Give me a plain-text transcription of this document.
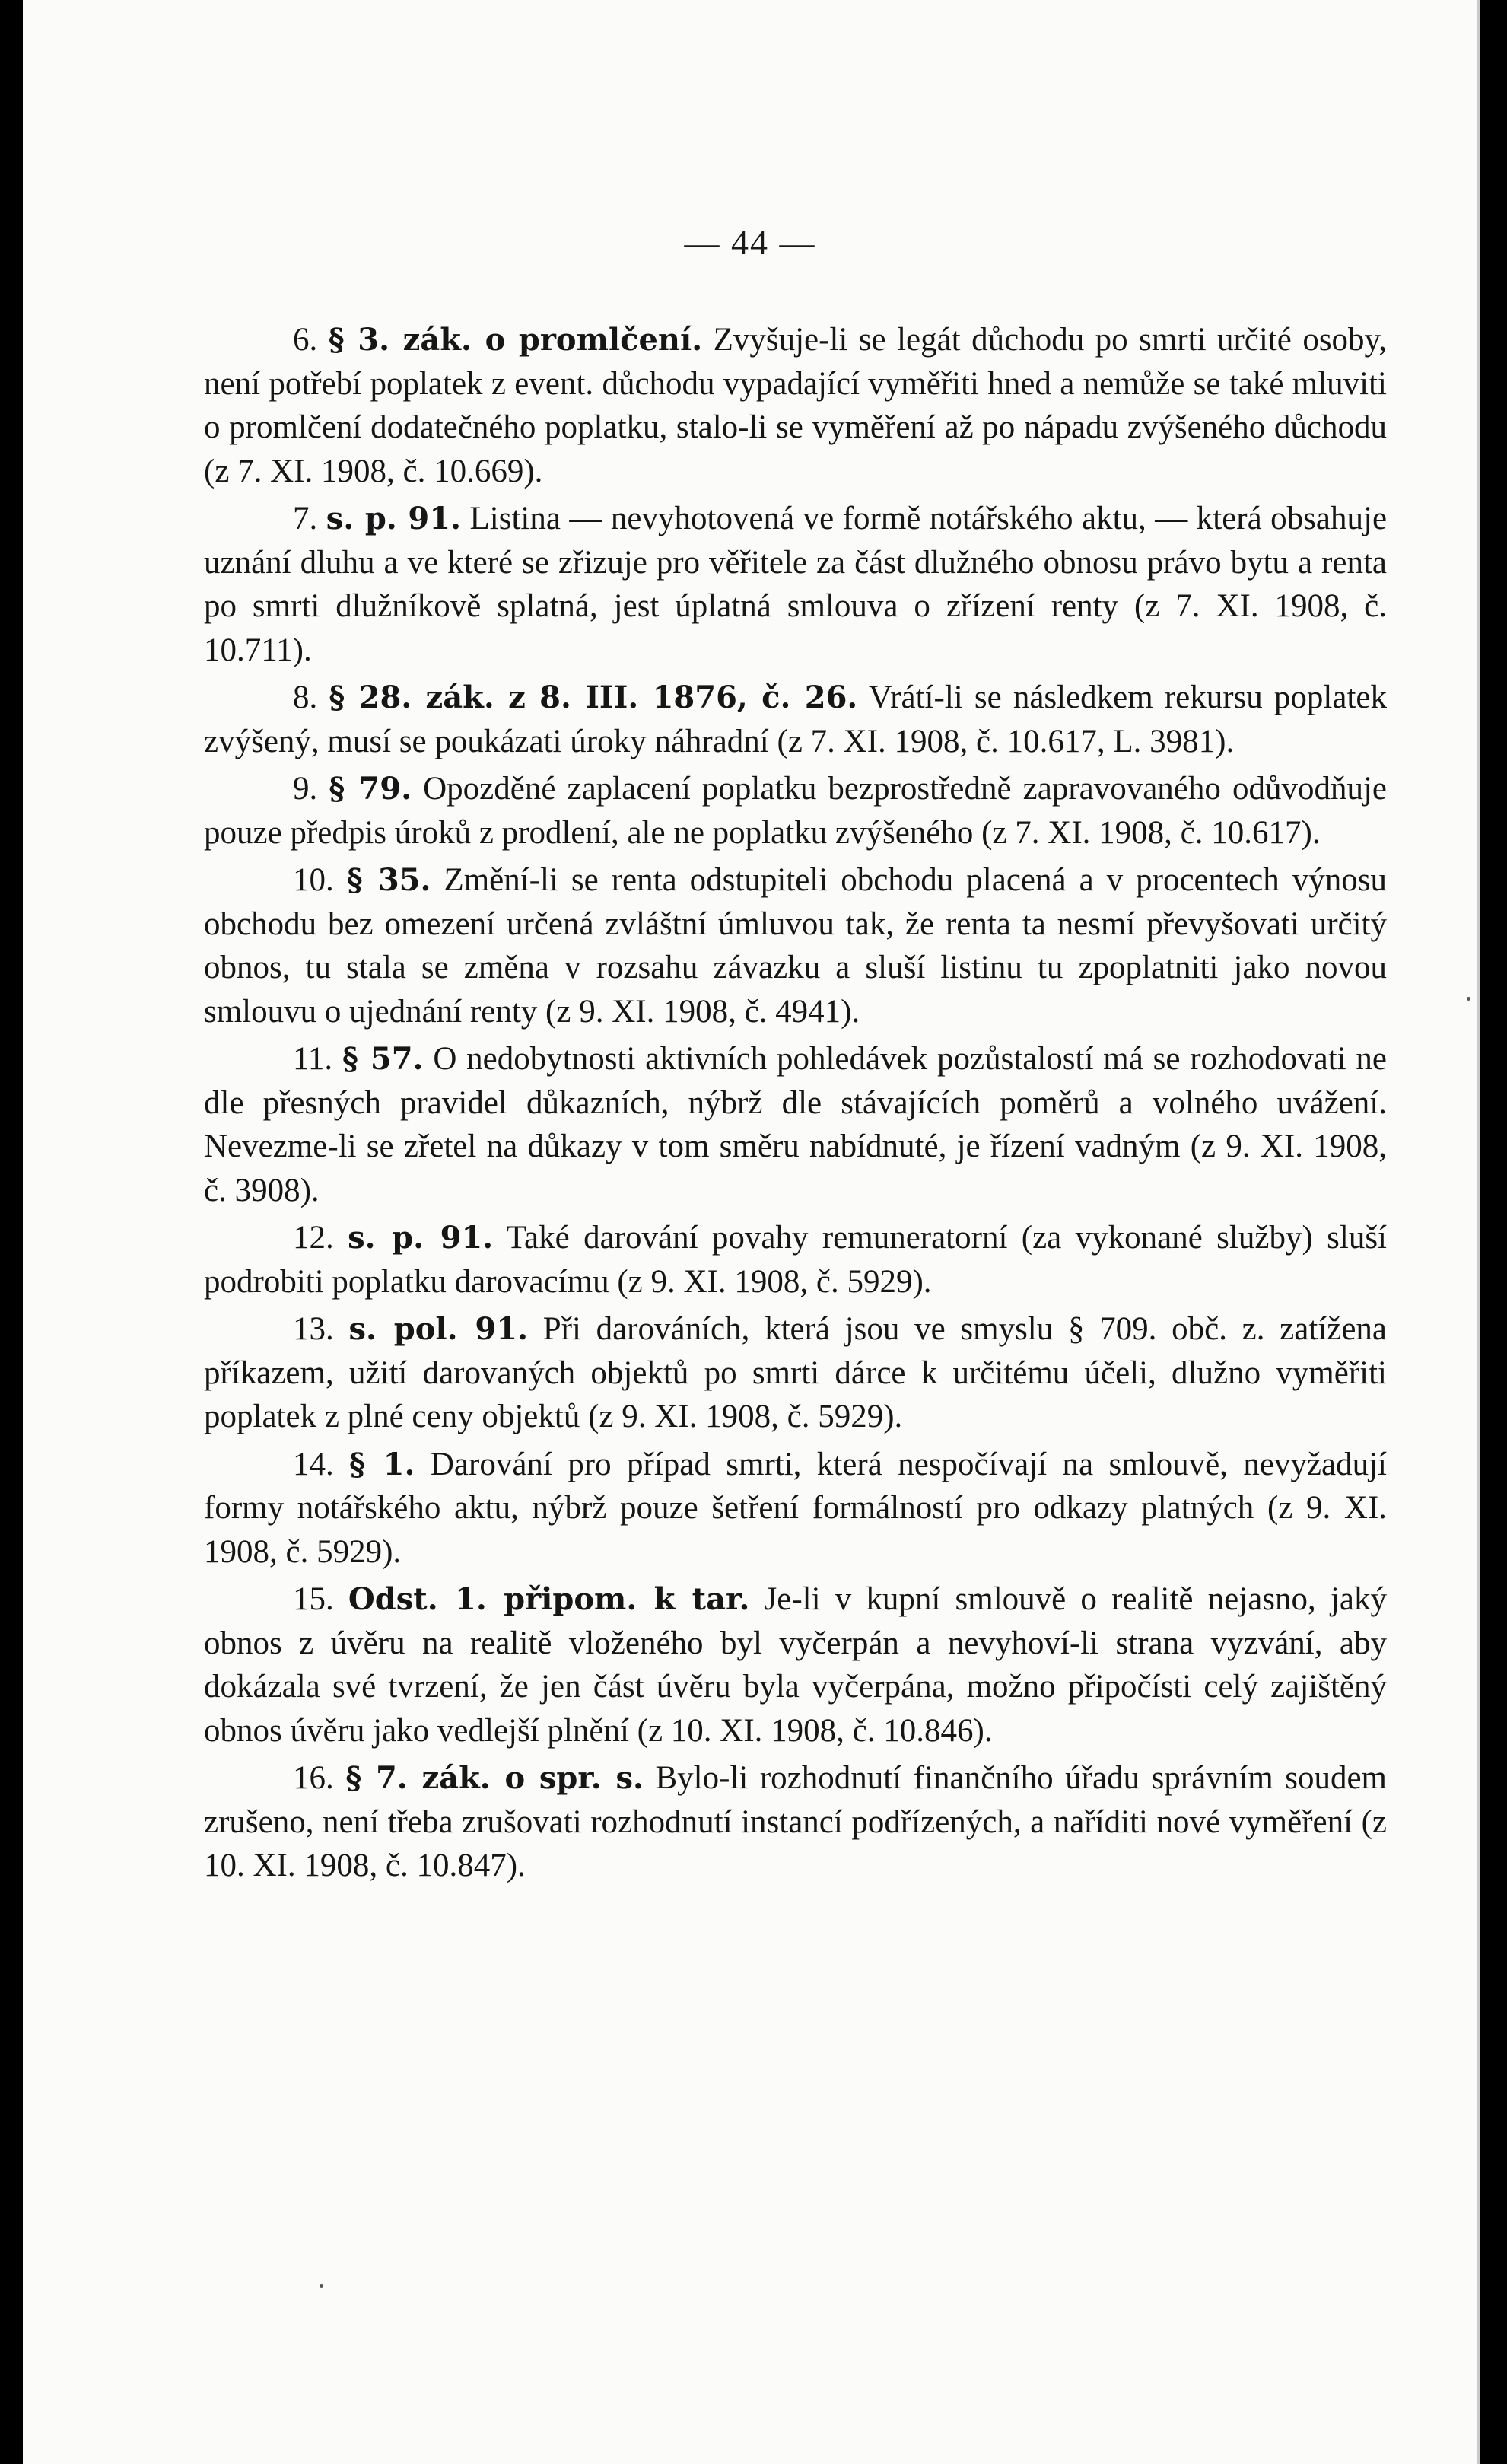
— 44 —

6. § 3. zák. o promlčení. Zvyšuje-li se legát důchodu po smrti určité osoby, není potřebí poplatek z event. důchodu vypadající vyměřiti hned a nemůže se také mluviti o promlčení dodatečného poplatku, stalo-li se vyměření až po nápadu zvýšeného důchodu (z 7. XI. 1908, č. 10.669).

7. s. p. 91. Listina — nevyhotovená ve formě notářského aktu, — která obsahuje uznání dluhu a ve které se zřizuje pro věřitele za část dlužného obnosu právo bytu a renta po smrti dlužníkově splatná, jest úplatná smlouva o zřízení renty (z 7. XI. 1908, č. 10.711).

8. § 28. zák. z 8. III. 1876, č. 26. Vrátí-li se následkem rekursu poplatek zvýšený, musí se poukázati úroky náhradní (z 7. XI. 1908, č. 10.617, L. 3981).

9. § 79. Opozděné zaplacení poplatku bezprostředně zapravovaného odůvodňuje pouze předpis úroků z prodlení, ale ne poplatku zvýšeného (z 7. XI. 1908, č. 10.617).

10. § 35. Změní-li se renta odstupiteli obchodu placená a v procentech výnosu obchodu bez omezení určená zvláštní úmluvou tak, že renta ta nesmí převyšovati určitý obnos, tu stala se změna v rozsahu závazku a sluší listinu tu zpoplatniti jako novou smlouvu o ujednání renty (z 9. XI. 1908, č. 4941).

11. § 57. O nedobytnosti aktivních pohledávek pozůstalostí má se rozhodovati ne dle přesných pravidel důkazních, nýbrž dle stávajících poměrů a volného uvážení. Nevezme-li se zřetel na důkazy v tom směru nabídnuté, je řízení vadným (z 9. XI. 1908, č. 3908).

12. s. p. 91. Také darování povahy remuneratorní (za vykonané služby) sluší podrobiti poplatku darovacímu (z 9. XI. 1908, č. 5929).

13. s. pol. 91. Při darováních, která jsou ve smyslu § 709. obč. z. zatížena příkazem, užití darovaných objektů po smrti dárce k určitému účeli, dlužno vyměřiti poplatek z plné ceny objektů (z 9. XI. 1908, č. 5929).

14. § 1. Darování pro případ smrti, která nespočívají na smlouvě, nevyžadují formy notářského aktu, nýbrž pouze šetření formálností pro odkazy platných (z 9. XI. 1908, č. 5929).

15. Odst. 1. připom. k tar. Je-li v kupní smlouvě o realitě nejasno, jaký obnos z úvěru na realitě vloženého byl vyčerpán a nevyhoví-li strana vyzvání, aby dokázala své tvrzení, že jen část úvěru byla vyčerpána, možno připočísti celý zajištěný obnos úvěru jako vedlejší plnění (z 10. XI. 1908, č. 10.846).

16. § 7. zák. o spr. s. Bylo-li rozhodnutí finančního úřadu správním soudem zrušeno, není třeba zrušovati rozhodnutí instancí podřízených, a naříditi nové vyměření (z 10. XI. 1908, č. 10.847).
